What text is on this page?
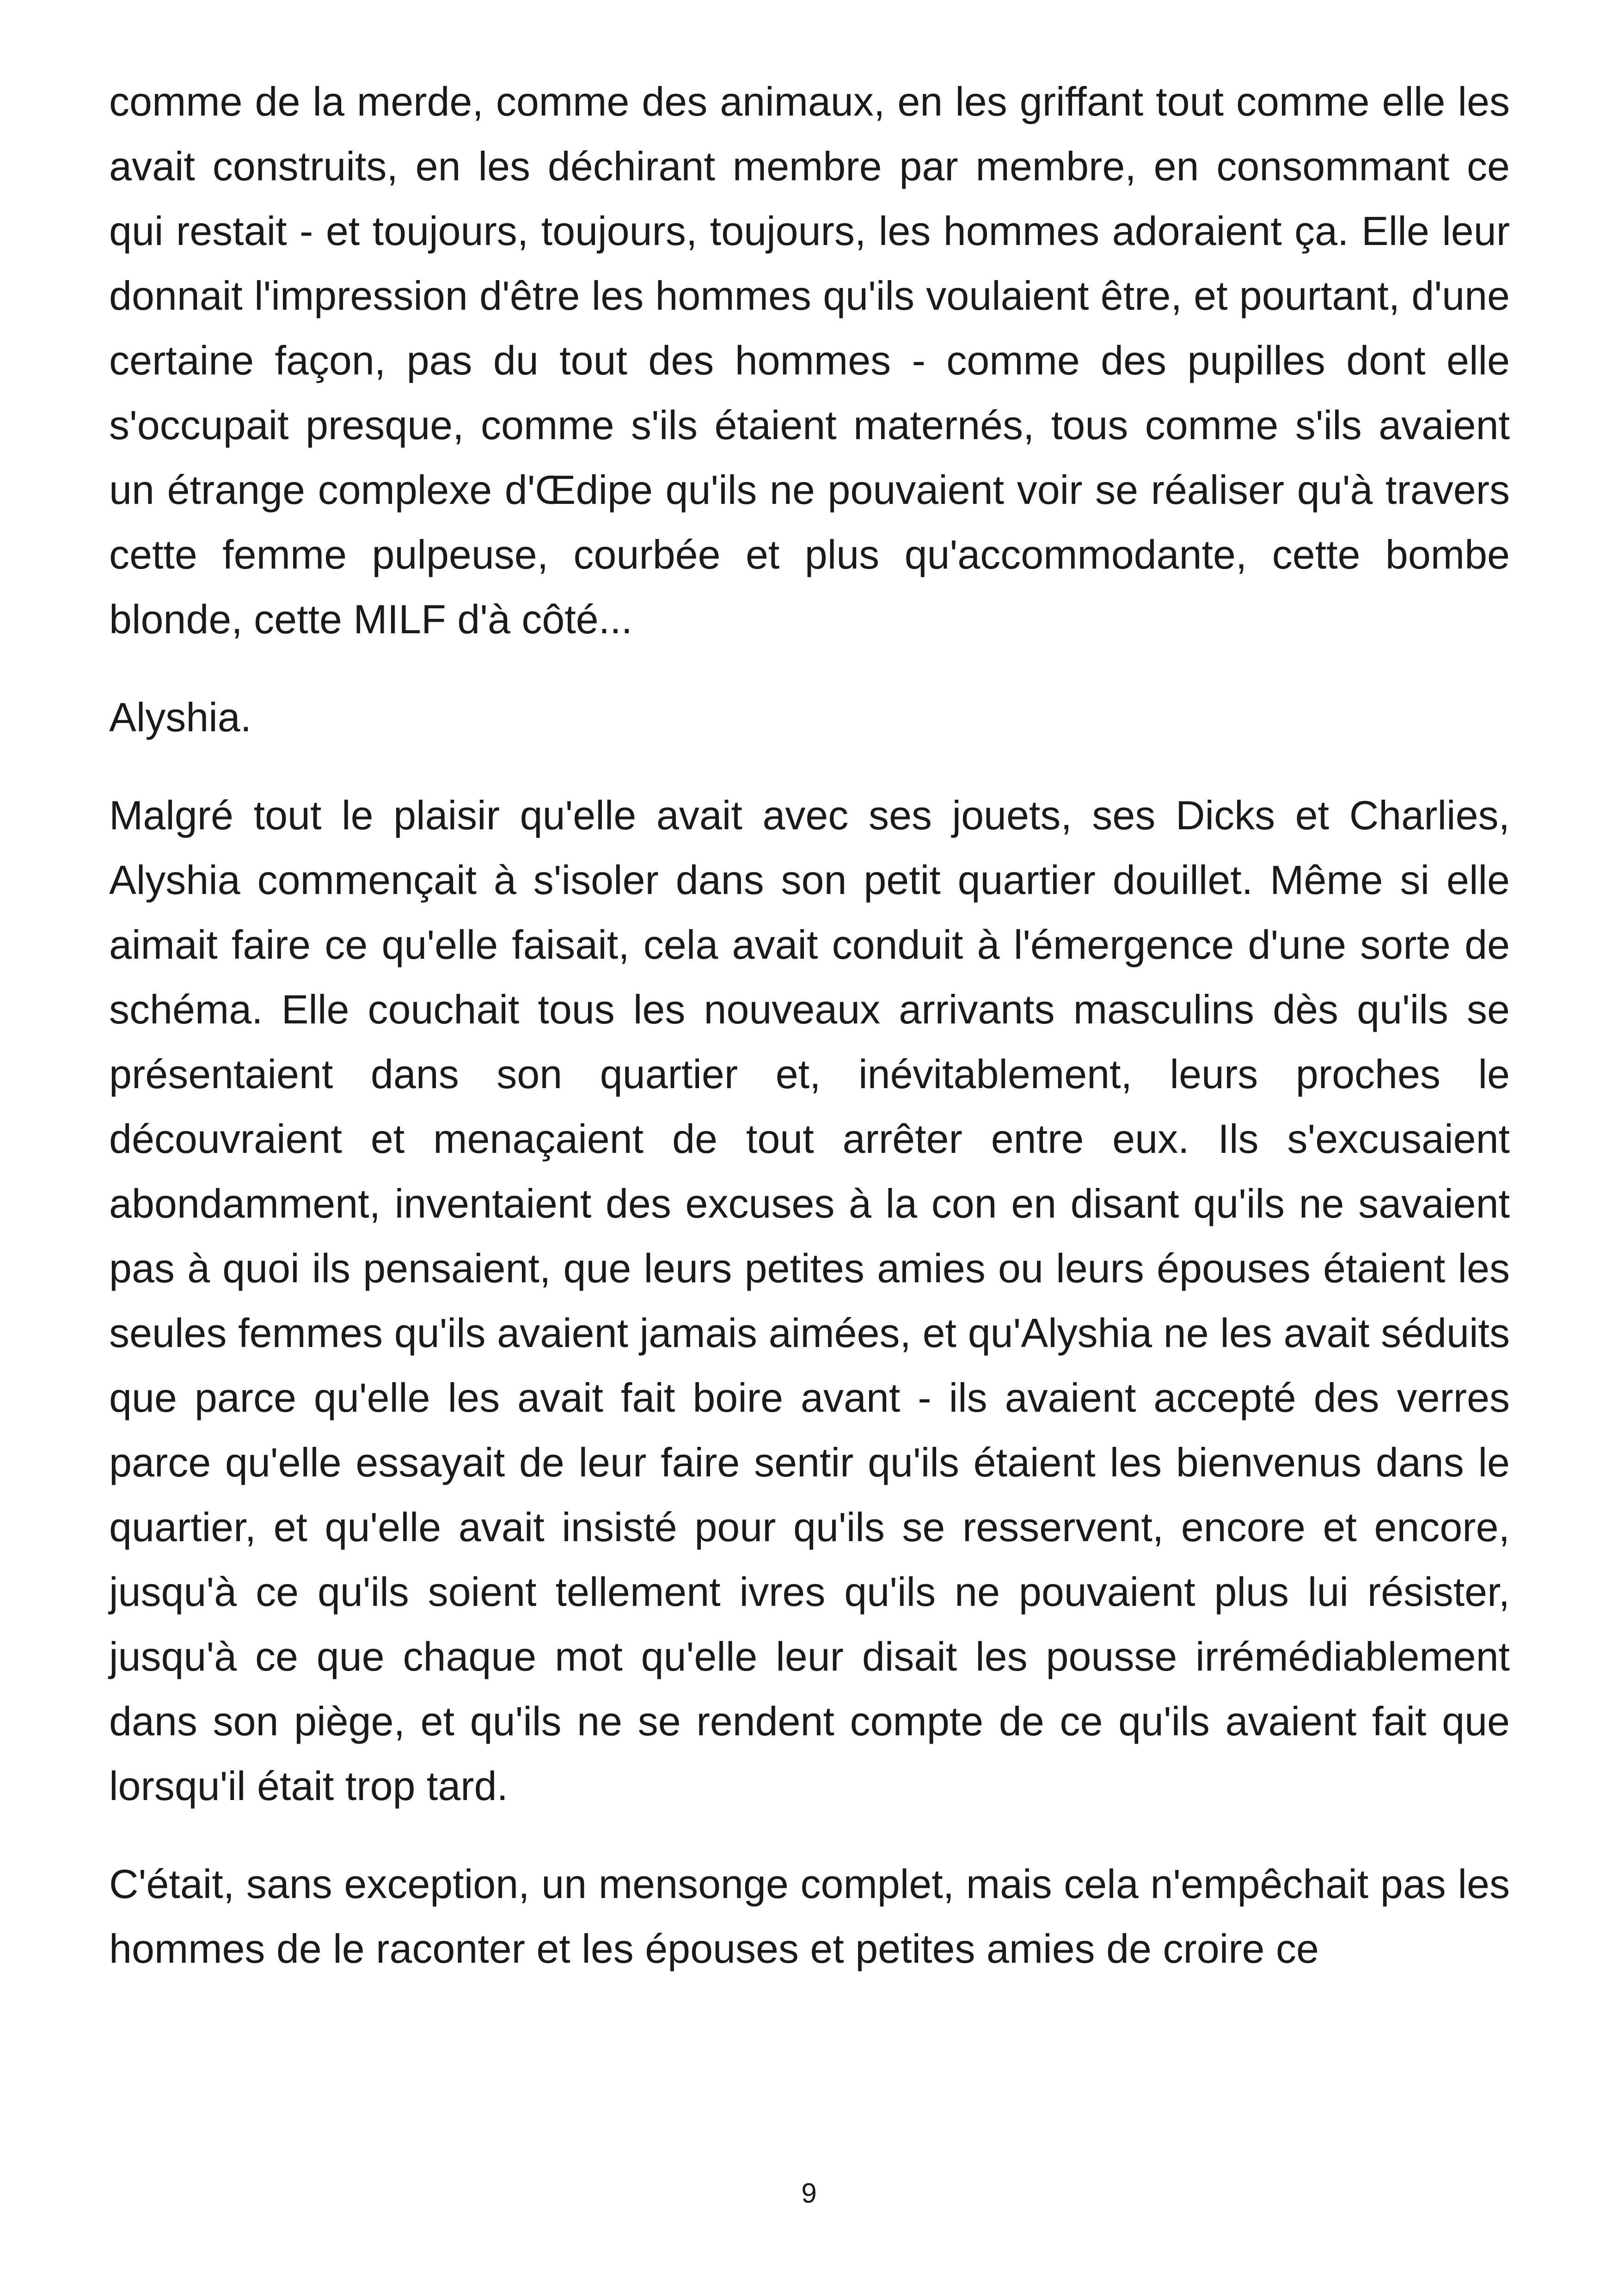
comme de la merde, comme des animaux, en les griffant tout comme elle les avait construits, en les déchirant membre par membre, en consommant ce qui restait - et toujours, toujours, toujours, les hommes adoraient ça. Elle leur donnait l'impression d'être les hommes qu'ils voulaient être, et pourtant, d'une certaine façon, pas du tout des hommes - comme des pupilles dont elle s'occupait presque, comme s'ils étaient maternés, tous comme s'ils avaient un étrange complexe d'Œdipe qu'ils ne pouvaient voir se réaliser qu'à travers cette femme pulpeuse, courbée et plus qu'accommodante, cette bombe blonde, cette MILF d'à côté...

Alyshia.

Malgré tout le plaisir qu'elle avait avec ses jouets, ses Dicks et Charlies, Alyshia commençait à s'isoler dans son petit quartier douillet. Même si elle aimait faire ce qu'elle faisait, cela avait conduit à l'émergence d'une sorte de schéma. Elle couchait tous les nouveaux arrivants masculins dès qu'ils se présentaient dans son quartier et, inévitablement, leurs proches le découvraient et menaçaient de tout arrêter entre eux. Ils s'excusaient abondamment, inventaient des excuses à la con en disant qu'ils ne savaient pas à quoi ils pensaient, que leurs petites amies ou leurs épouses étaient les seules femmes qu'ils avaient jamais aimées, et qu'Alyshia ne les avait séduits que parce qu'elle les avait fait boire avant - ils avaient accepté des verres parce qu'elle essayait de leur faire sentir qu'ils étaient les bienvenus dans le quartier, et qu'elle avait insisté pour qu'ils se resservent, encore et encore, jusqu'à ce qu'ils soient tellement ivres qu'ils ne pouvaient plus lui résister, jusqu'à ce que chaque mot qu'elle leur disait les pousse irrémédiablement dans son piège, et qu'ils ne se rendent compte de ce qu'ils avaient fait que lorsqu'il était trop tard.

C'était, sans exception, un mensonge complet, mais cela n'empêchait pas les hommes de le raconter et les épouses et petites amies de croire ce

9
